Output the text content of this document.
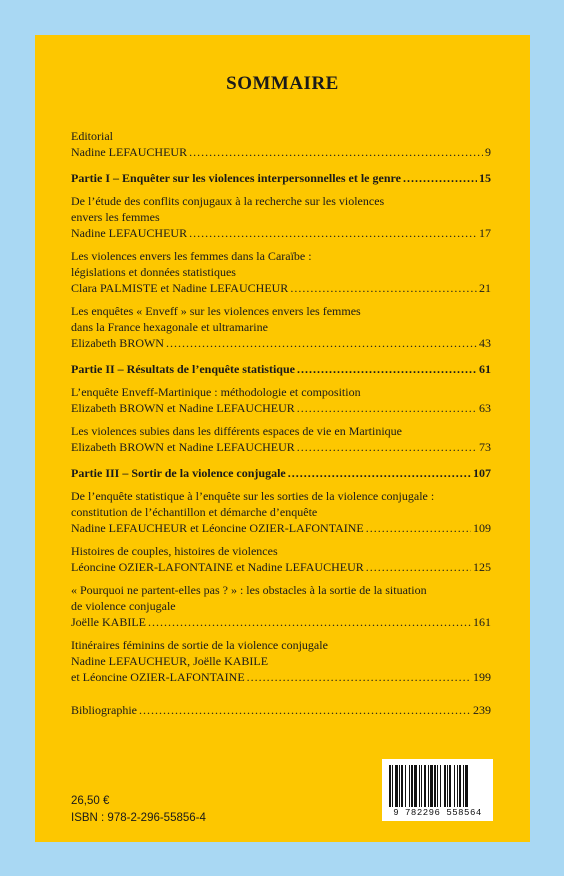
SOMMAIRE
Editorial
Nadine LEFAUCHEUR .....	9
Partie I – Enquêter sur les violences interpersonnelles et le genre .....	15
De l’étude des conflits conjugaux à la recherche sur les violences
envers les femmes
Nadine LEFAUCHEUR .....	17
Les violences envers les femmes dans la Caraïbe :
législations et données statistiques
Clara PALMISTE et Nadine LEFAUCHEUR .....	21
Les enquêtes « Enveff » sur les violences envers les femmes
dans la France hexagonale et ultramarine
Elizabeth BROWN .....	43
Partie II – Résultats de l’enquête statistique .....	61
L’enquête Enveff-Martinique : méthodologie et composition
Elizabeth BROWN et Nadine LEFAUCHEUR .....	63
Les violences subies dans les différents espaces de vie en Martinique
Elizabeth BROWN et Nadine LEFAUCHEUR .....	73
Partie III – Sortir de la violence conjugale .....	107
De l’enquête statistique à l’enquête sur les sorties de la violence conjugale :
constitution de l’échantillon et démarche d’enquête
Nadine LEFAUCHEUR et Léoncine OZIER-LAFONTAINE .....	109
Histoires de couples, histoires de violences
Léoncine OZIER-LAFONTAINE et Nadine LEFAUCHEUR .....	125
« Pourquoi ne partent-elles pas ? » : les obstacles à la sortie de la situation
de violence conjugale
Joëlle KABILE .....	161
Itinéraires féminins de sortie de la violence conjugale
Nadine LEFAUCHEUR, Joëlle KABILE
et Léoncine OZIER-LAFONTAINE .....	199
Bibliographie .....	239
26,50 €
ISBN : 978-2-296-55856-4	9 782296 558564
